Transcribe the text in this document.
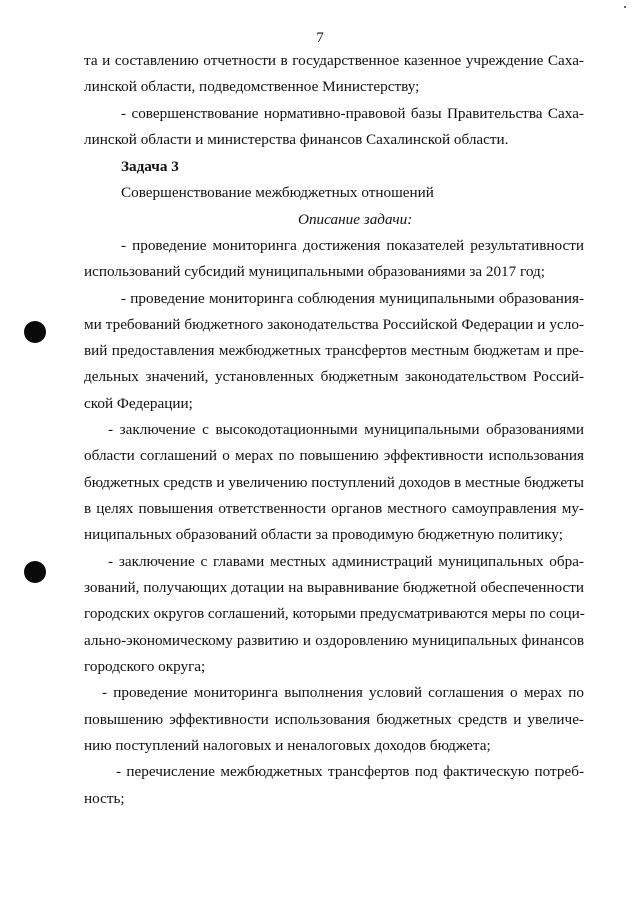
7
та и составлению отчетности в государственное казенное учреждение Саха-
линской области, подведомственное Министерству;
- совершенствование нормативно-правовой базы Правительства Саха-
линской области и министерства финансов Сахалинской области.
Задача 3
Совершенствование межбюджетных отношений
Описание задачи:
- проведение мониторинга достижения показателей результативности
использований субсидий муниципальными образованиями за 2017 год;
- проведение мониторинга соблюдения муниципальными образования-
ми требований бюджетного законодательства Российской Федерации и усло-
вий предоставления межбюджетных трансфертов местным бюджетам и пре-
дельных значений, установленных бюджетным законодательством Россий-
ской Федерации;
- заключение с высокодотационными муниципальными образованиями
области соглашений о мерах по повышению эффективности использования
бюджетных средств и увеличению поступлений доходов в местные бюджеты
в целях повышения ответственности органов местного самоуправления му-
ниципальных образований области за проводимую бюджетную политику;
- заключение с главами местных администраций муниципальных обра-
зований, получающих дотации на выравнивание бюджетной обеспеченности
городских округов соглашений, которыми предусматриваются меры по соци-
ально-экономическому развитию и оздоровлению муниципальных финансов
городского округа;
- проведение мониторинга выполнения условий соглашения о мерах по
повышению эффективности использования бюджетных средств и увеличе-
нию поступлений налоговых и неналоговых доходов бюджета;
- перечисление межбюджетных трансфертов под фактическую потреб-
ность;
